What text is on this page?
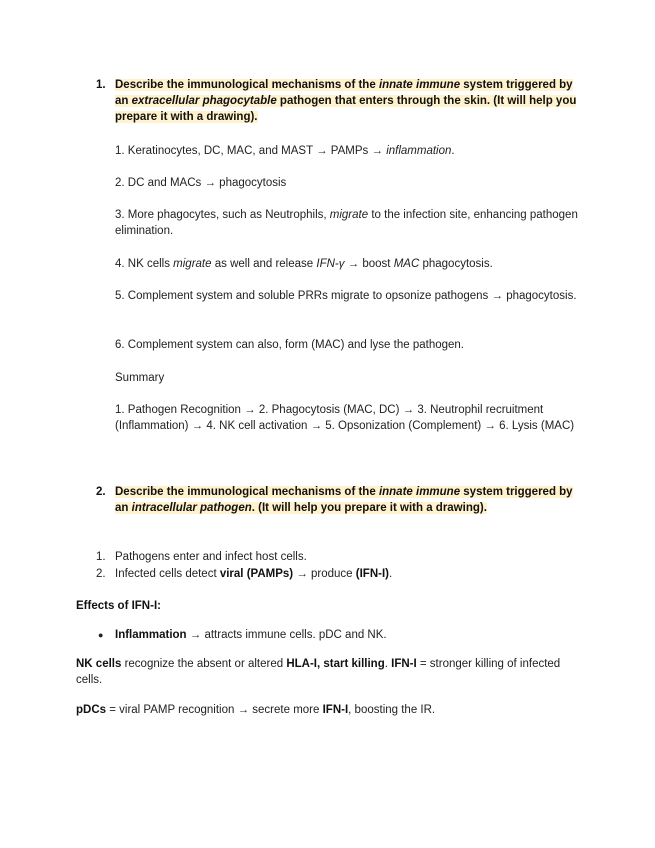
1. Describe the immunological mechanisms of the innate immune system triggered by an extracellular phagocytable pathogen that enters through the skin. (It will help you prepare it with a drawing).
1. Keratinocytes, DC, MAC, and MAST → PAMPs → inflammation.
2. DC and MACs → phagocytosis
3. More phagocytes, such as Neutrophils, migrate to the infection site, enhancing pathogen elimination.
4. NK cells migrate as well and release IFN-γ → boost MAC phagocytosis.
5. Complement system and soluble PRRs migrate to opsonize pathogens → phagocytosis.
6. Complement system can also, form (MAC) and lyse the pathogen.
Summary
1. Pathogen Recognition → 2. Phagocytosis (MAC, DC) → 3. Neutrophil recruitment (Inflammation) → 4. NK cell activation → 5. Opsonization (Complement) → 6. Lysis (MAC)
2. Describe the immunological mechanisms of the innate immune system triggered by an intracellular pathogen. (It will help you prepare it with a drawing).
1. Pathogens enter and infect host cells.
2. Infected cells detect viral (PAMPs) → produce (IFN-I).
Effects of IFN-I:
● Inflammation → attracts immune cells. pDC and NK.
NK cells recognize the absent or altered HLA-I, start killing. IFN-I = stronger killing of infected cells.
pDCs = viral PAMP recognition → secrete more IFN-I, boosting the IR.
